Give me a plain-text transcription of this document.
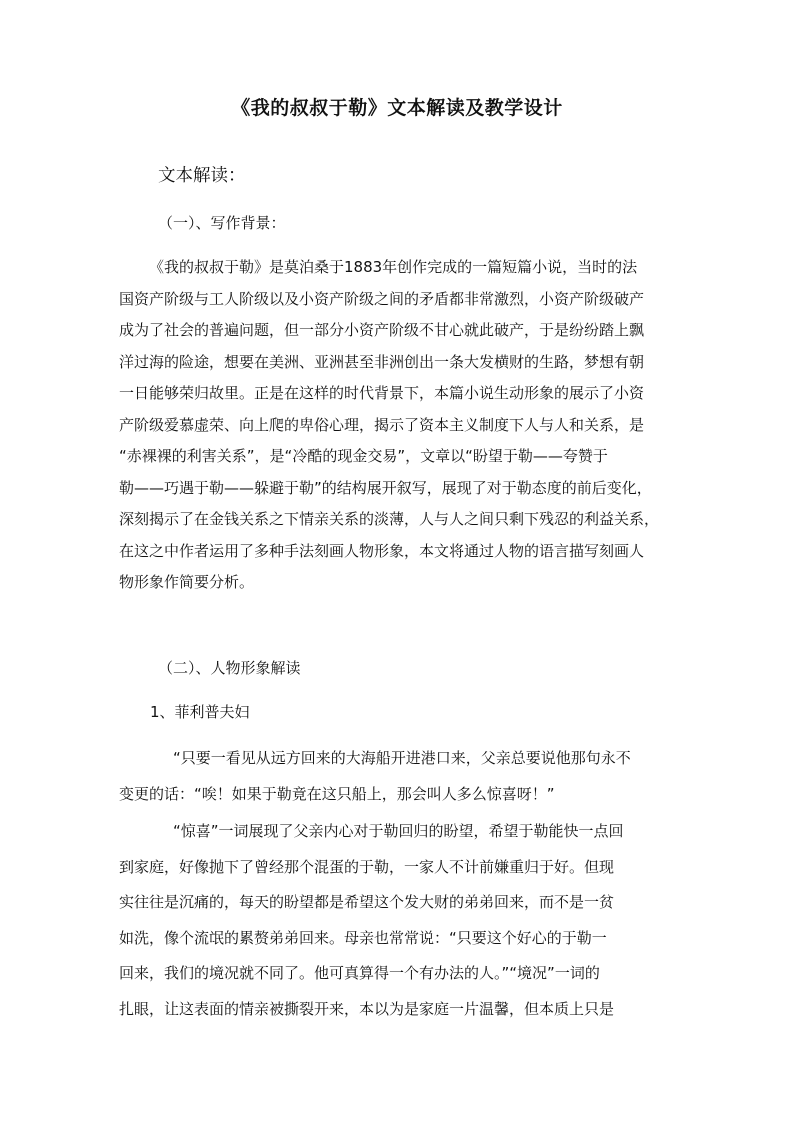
《我的叔叔于勒》文本解读及教学设计
文本解读：
（一）、写作背景：
《我的叔叔于勒》是莫泊桑于1883年创作完成的一篇短篇小说，当时的法
国资产阶级与工人阶级以及小资产阶级之间的矛盾都非常激烈，小资产阶级破产
成为了社会的普遍问题，但一部分小资产阶级不甘心就此破产，于是纷纷踏上飘
洋过海的险途，想要在美洲、亚洲甚至非洲创出一条大发横财的生路，梦想有朝
一日能够荣归故里。正是在这样的时代背景下，本篇小说生动形象的展示了小资
产阶级爱慕虚荣、向上爬的卑俗心理，揭示了资本主义制度下人与人和关系，是
“赤裸裸的利害关系”，是“冷酷的现金交易”，文章以“盼望于勒——夸赞于
勒——巧遇于勒——躲避于勒”的结构展开叙写，展现了对于勒态度的前后变化，
深刻揭示了在金钱关系之下情亲关系的淡薄，人与人之间只剩下残忍的利益关系，
在这之中作者运用了多种手法刻画人物形象，本文将通过人物的语言描写刻画人
物形象作简要分析。
（二）、人物形象解读
1、菲利普夫妇
“只要一看见从远方回来的大海船开进港口来，父亲总要说他那句永不
变更的话：“唉！如果于勒竟在这只船上，那会叫人多么惊喜呀！”
“惊喜”一词展现了父亲内心对于勒回归的盼望，希望于勒能快一点回
到家庭，好像抛下了曾经那个混蛋的于勒，一家人不计前嫌重归于好。但现
实往往是沉痛的，每天的盼望都是希望这个发大财的弟弟回来，而不是一贫
如洗，像个流氓的累赘弟弟回来。母亲也常常说：“只要这个好心的于勒一
回来，我们的境况就不同了。他可真算得一个有办法的人。”“境况”一词的
扎眼，让这表面的情亲被撕裂开来，本以为是家庭一片温馨，但本质上只是
